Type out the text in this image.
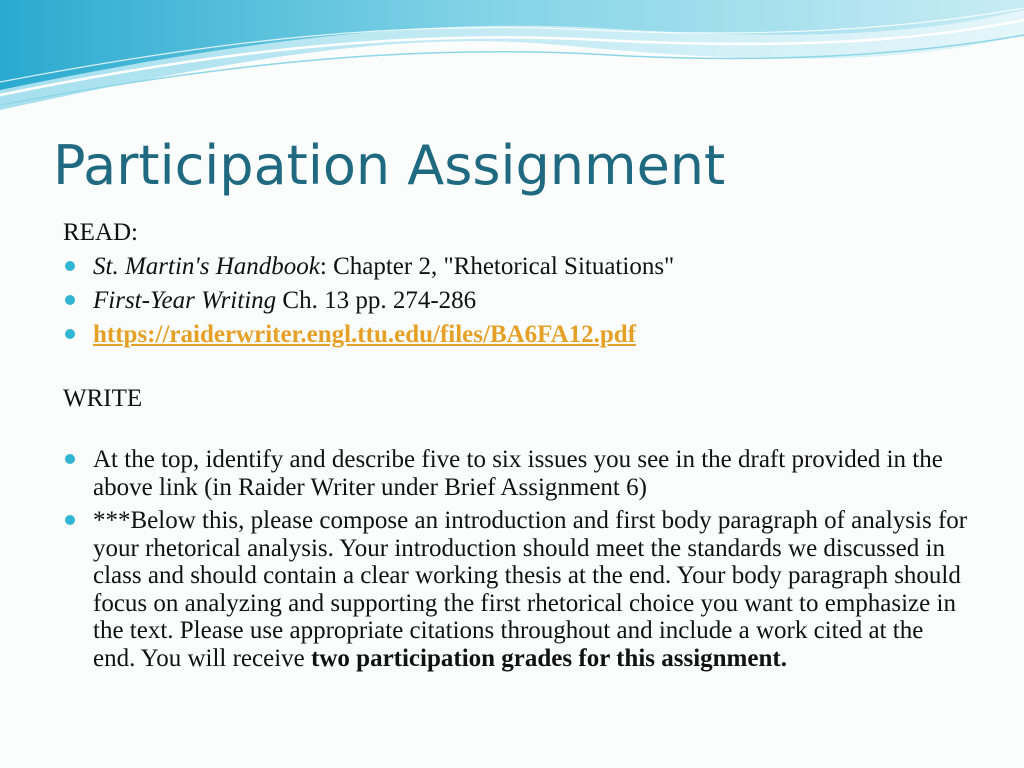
Participation Assignment

READ:

St. Martin's Handbook: Chapter 2, "Rhetorical Situations"
First-Year Writing Ch. 13 pp. 274-286
https://raiderwriter.engl.ttu.edu/files/BA6FA12.pdf

WRITE

At the top, identify and describe five to six issues you see in the draft provided in the above link (in Raider Writer under Brief Assignment 6)
***Below this, please compose an introduction and first body paragraph of analysis for your rhetorical analysis. Your introduction should meet the standards we discussed in class and should contain a clear working thesis at the end. Your body paragraph should focus on analyzing and supporting the first rhetorical choice you want to emphasize in the text. Please use appropriate citations throughout and include a work cited at the end. You will receive two participation grades for this assignment.
